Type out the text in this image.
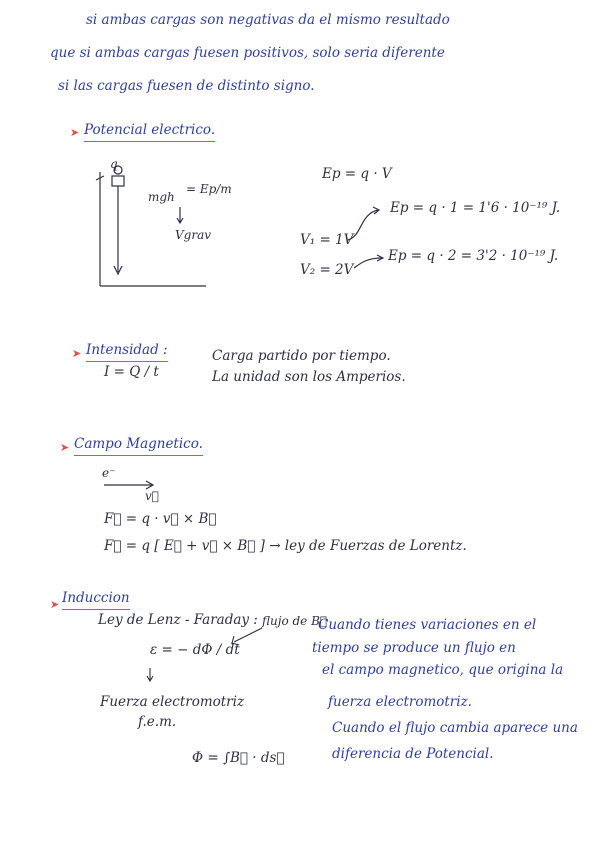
si ambas cargas son negativas da el mismo resultado
que si ambas cargas fuesen positivos, solo seria diferente
si las cargas fuesen de distinto signo.
➤ Potencial electrico.
q
mgh
= Ep/m
Vgrav
Ep = q · V
V₁ = 1V
Ep = q · 1 = 1'6 · 10⁻¹⁹ J.
V₂ = 2V
Ep = q · 2 = 3'2 · 10⁻¹⁹ J.
➤ Intensidad :
I = Q / t
Carga partido por tiempo.
La unidad son los Amperios.
➤ Campo Magnetico.
e⁻
v⃗
F⃗ = q · v⃗ × B⃗
F⃗ = q [ E⃗ + v⃗ × B⃗ ] → ley de Fuerzas de Lorentz.
➤ Induccion
Ley de Lenz - Faraday : flujo de B⃗
ε = − dΦ / dt
Fuerza electromotriz
f.e.m.
Φ = ∫B⃗ · ds⃗
Cuando tienes variaciones en el
tiempo se produce un flujo en
el campo magnetico, que origina la
fuerza electromotriz.
Cuando el flujo cambia aparece una
diferencia de Potencial.
